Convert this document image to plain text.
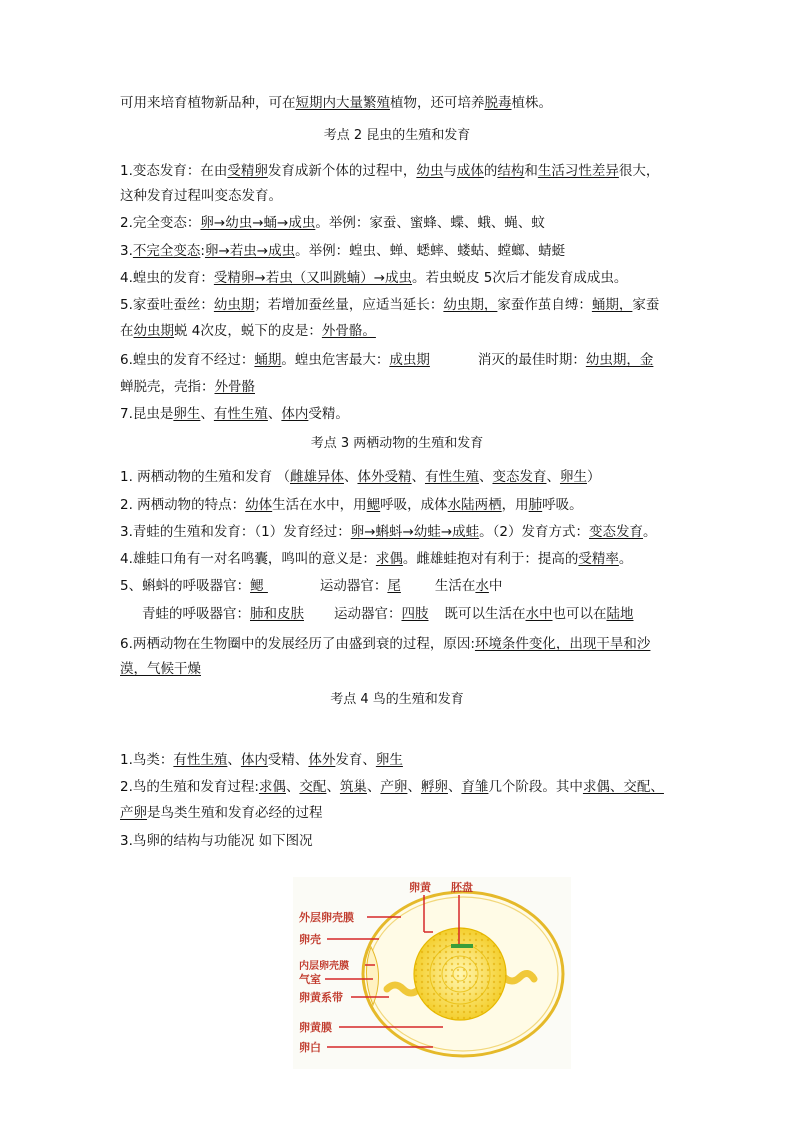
可用来培育植物新品种，可在短期内大量繁殖植物，还可培养脱毒植株。
考点 2 昆虫的生殖和发育
1.变态发育：在由受精卵发育成新个体的过程中，幼虫与成体的结构和生活习性差异很大，
这种发育过程叫变态发育。
2.完全变态：卵→幼虫→蛹→成虫。举例：家蚕、蜜蜂、蝶、蛾、蝇、蚊
3.不完全变态:卵→若虫→成虫。举例：蝗虫、蝉、蟋蟀、蝼蛄、螳螂、蜻蜓
4.蝗虫的发育：受精卵→若虫（又叫跳蝻）→成虫。若虫蜕皮 5次后才能发育成成虫。
5.家蚕吐蚕丝：幼虫期；若增加蚕丝量，应适当延长：幼虫期，家蚕作茧自缚：蛹期，家蚕
在幼虫期蜕 4次皮，蜕下的皮是：外骨骼。
6.蝗虫的发育不经过：蛹期。蝗虫危害最大：成虫期	消灭的最佳时期：幼虫期，金
蝉脱壳，壳指：外骨骼
7.昆虫是卵生、有性生殖、体内受精。
考点 3 两栖动物的生殖和发育
1. 两栖动物的生殖和发育 （雌雄异体、体外受精、有性生殖、变态发育、卵生）
2. 两栖动物的特点：幼体生活在水中，用鳃呼吸，成体水陆两栖，用肺呼吸。
3.青蛙的生殖和发育：（1）发育经过：卵→蝌蚪→幼蛙→成蛙。（2）发育方式：变态发育。
4.雄蛙口角有一对名鸣囊，鸣叫的意义是：求偶。雌雄蛙抱对有利于：提高的受精率。
5、蝌蚪的呼吸器官：鳃	运动器官：尾	生活在水中
青蛙的呼吸器官：肺和皮肤 运动器官：四肢 既可以生活在水中也可以在陆地
6.两栖动物在生物圈中的发展经历了由盛到衰的过程，原因:环境条件变化，出现干旱和沙
漠，气候干燥
考点 4 鸟的生殖和发育
1.鸟类：有性生殖、体内受精、体外发育、卵生
2.鸟的生殖和发育过程:求偶、交配、筑巢、产卵、孵卵、育雏几个阶段。其中求偶、交配、
产卵是鸟类生殖和发育必经的过程
3.鸟卵的结构与功能况 如下图况
卵黄 胚盘
外层卵壳膜
卵壳
内层卵壳膜
气室
卵黄系带
卵黄膜
卵白
